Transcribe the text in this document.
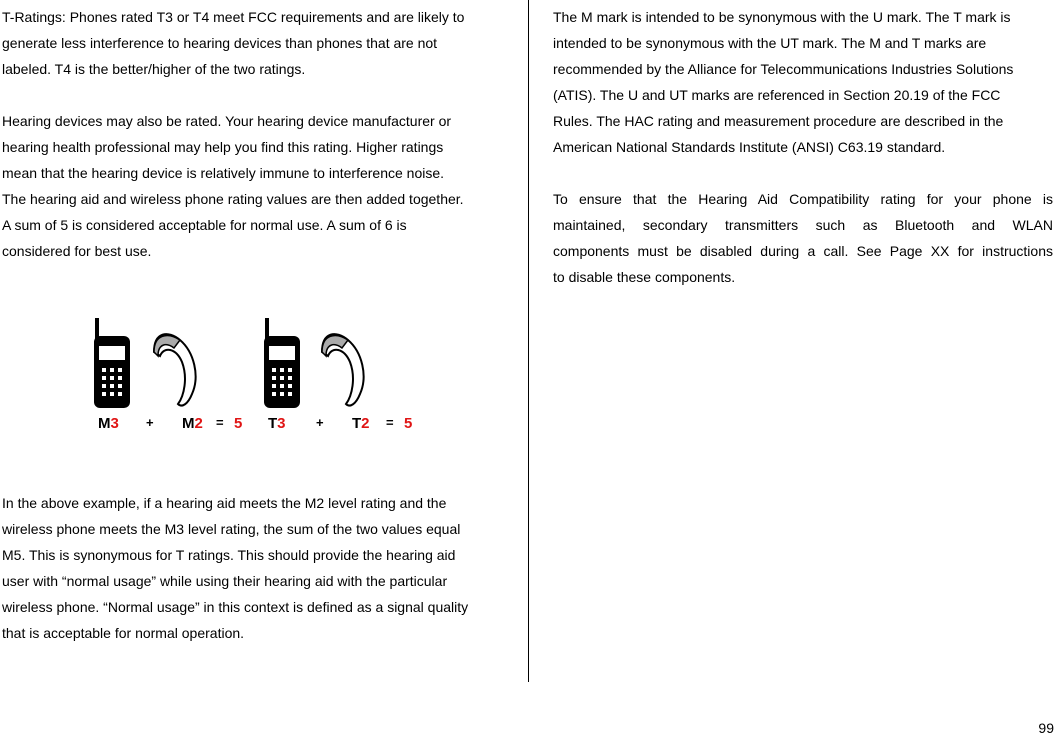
T-Ratings: Phones rated T3 or T4 meet FCC requirements and are likely to
generate less interference to hearing devices than phones that are not
labeled. T4 is the better/higher of the two ratings.

Hearing devices may also be rated. Your hearing device manufacturer or
hearing health professional may help you find this rating. Higher ratings
mean that the hearing device is relatively immune to interference noise.
The hearing aid and wireless phone rating values are then added together.
A sum of 5 is considered acceptable for normal use. A sum of 6 is
considered for best use.

M3 + M2 = 5 T3 + T2 = 5

In the above example, if a hearing aid meets the M2 level rating and the
wireless phone meets the M3 level rating, the sum of the two values equal
M5. This is synonymous for T ratings. This should provide the hearing aid
user with “normal usage” while using their hearing aid with the particular
wireless phone. “Normal usage” in this context is defined as a signal quality
that is acceptable for normal operation.

The M mark is intended to be synonymous with the U mark. The T mark is
intended to be synonymous with the UT mark. The M and T marks are
recommended by the Alliance for Telecommunications Industries Solutions
(ATIS). The U and UT marks are referenced in Section 20.19 of the FCC
Rules. The HAC rating and measurement procedure are described in the
American National Standards Institute (ANSI) C63.19 standard.

To ensure that the Hearing Aid Compatibility rating for your phone is

maintained, secondary transmitters such as Bluetooth and WLAN

components must be disabled during a call. See Page XX for instructions

to disable these components.

99
